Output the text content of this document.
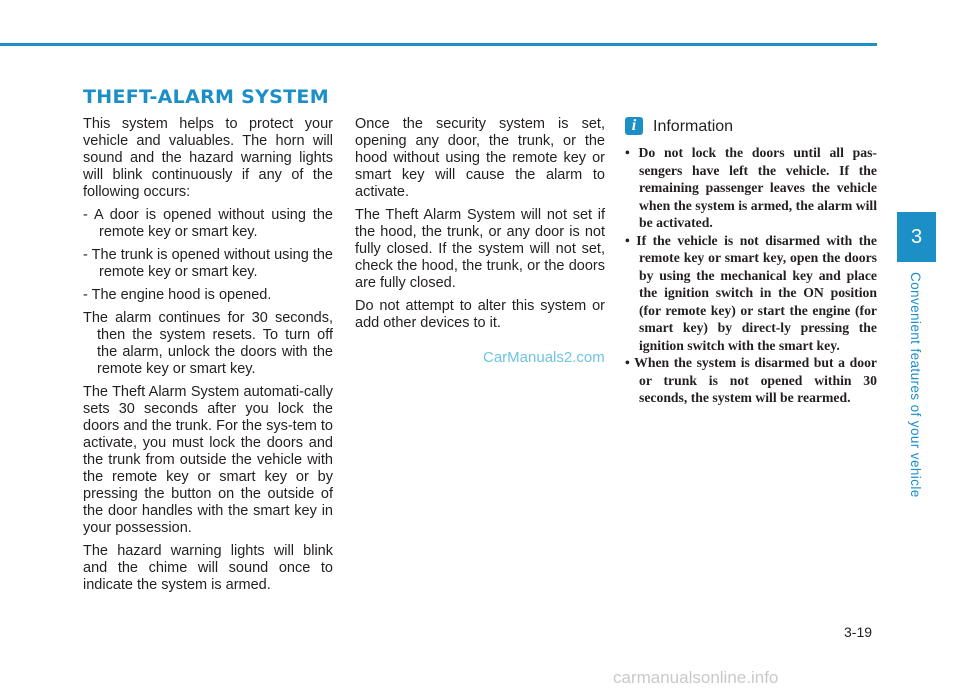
THEFT-ALARM SYSTEM

This system helps to protect your vehicle and valuables. The horn will sound and the hazard warning lights will blink continuously if any of the following occurs:

- A door is opened without using the remote key or smart key.

- The trunk is opened without using the remote key or smart key.

- The engine hood is opened.

The alarm continues for 30 seconds, then the system resets. To turn off the alarm, unlock the doors with the remote key or smart key.

The Theft Alarm System automati-cally sets 30 seconds after you lock the doors and the trunk. For the sys-tem to activate, you must lock the doors and the trunk from outside the vehicle with the remote key or smart key or by pressing the button on the outside of the door handles with the smart key in your possession.

The hazard warning lights will blink and the chime will sound once to indicate the system is armed.

Once the security system is set, opening any door, the trunk, or the hood without using the remote key or smart key will cause the alarm to activate.

The Theft Alarm System will not set if the hood, the trunk, or any door is not fully closed. If the system will not set, check the hood, the trunk, or the doors are fully closed.

Do not attempt to alter this system or add other devices to it.

i	Information
• Do not lock the doors until all pas-sengers have left the vehicle. If the remaining passenger leaves the vehicle when the system is armed, the alarm will be activated.
• If the vehicle is not disarmed with the remote key or smart key, open the doors by using the mechanical key and place the ignition switch in the ON position (for remote key) or start the engine (for smart key) by direct-ly pressing the ignition switch with the smart key.
• When the system is disarmed but a door or trunk is not opened within 30 seconds, the system will be rearmed.
CarManuals2.com
3
Convenient features of your vehicle
3-19
carmanualsonline.info
